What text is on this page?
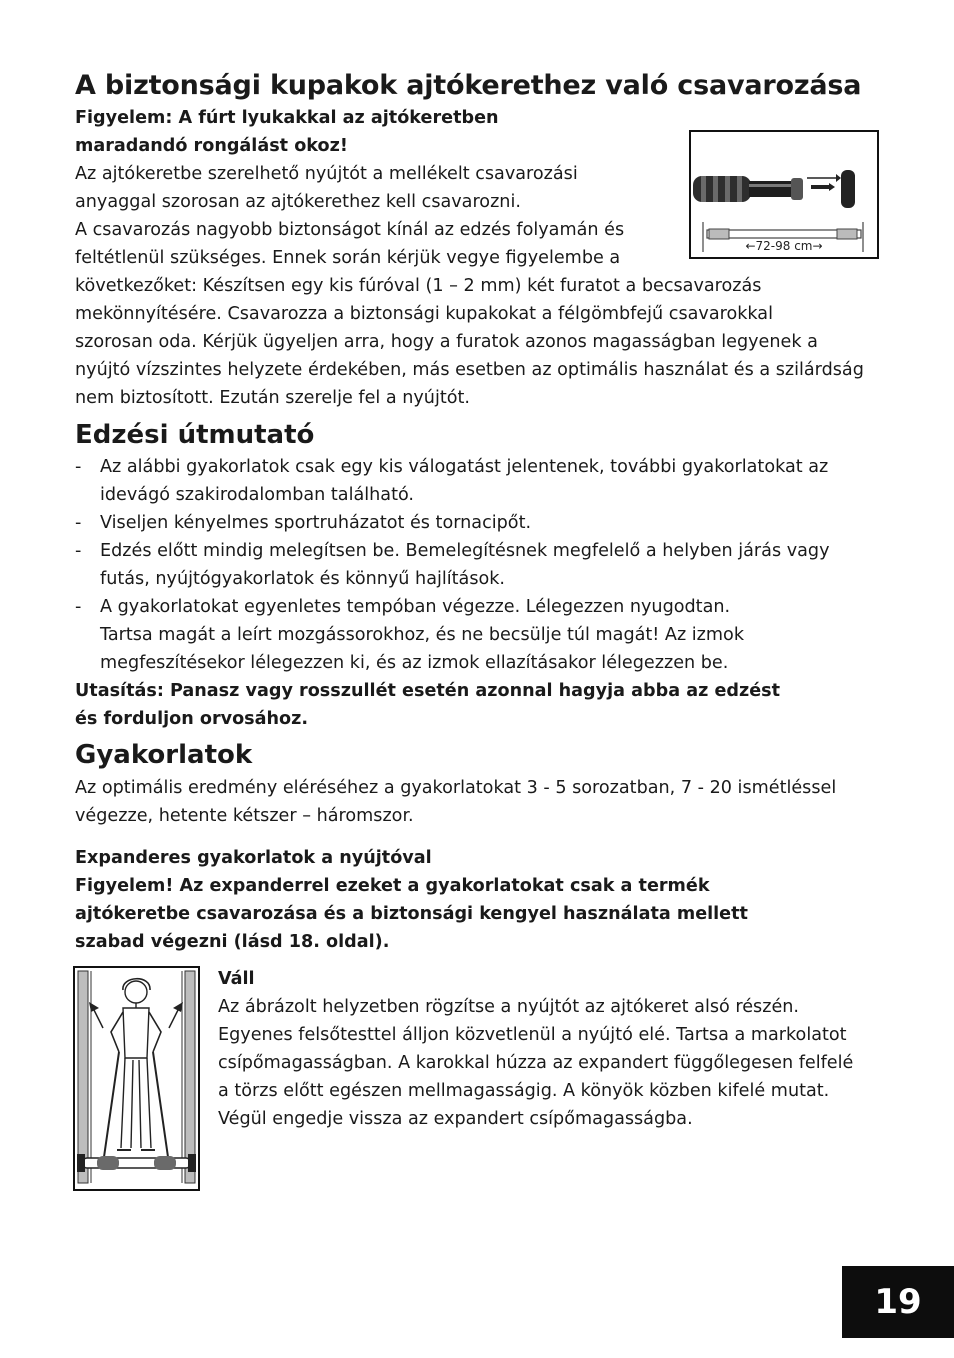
A biztonsági kupakok ajtókerethez való csavarozása
Figyelem: A fúrt lyukakkal az ajtókeretben
maradandó rongálást okoz!
Az ajtókeretbe szerelhető nyújtót a mellékelt csavarozási
anyaggal szorosan az ajtókerethez kell csavarozni.
A csavarozás nagyobb biztonságot kínál az edzés folyamán és
feltétlenül szükséges. Ennek során kérjük vegye figyelembe a
következőket: Készítsen egy kis fúróval (1 – 2 mm) két furatot a becsavarozás
mekönnyítésére. Csavarozza a biztonsági kupakokat a félgömbfejű csavarokkal
szorosan oda. Kérjük ügyeljen arra, hogy a furatok azonos magasságban legyenek a
nyújtó vízszintes helyzete érdekében, más esetben az optimális használat és a szilárdság
nem biztosított. Ezután szerelje fel a nyújtót.
←72-98 cm→
Edzési útmutató
- Az alábbi gyakorlatok csak egy kis válogatást jelentenek, további gyakorlatokat az
idevágó szakirodalomban található.
- Viseljen kényelmes sportruházatot és tornacipőt.
- Edzés előtt mindig melegítsen be. Bemelegítésnek megfelelő a helyben járás vagy
futás, nyújtógyakorlatok és könnyű hajlítások.
- A gyakorlatokat egyenletes tempóban végezze. Lélegezzen nyugodtan.
Tartsa magát a leírt mozgássorokhoz, és ne becsülje túl magát! Az izmok
megfeszítésekor lélegezzen ki, és az izmok ellazításakor lélegezzen be.
Utasítás: Panasz vagy rosszullét esetén azonnal hagyja abba az edzést
és forduljon orvosához.
Gyakorlatok
Az optimális eredmény eléréséhez a gyakorlatokat 3 - 5 sorozatban, 7 - 20 ismétléssel
végezze, hetente kétszer – háromszor.
Expanderes gyakorlatok a nyújtóval
Figyelem! Az expanderrel ezeket a gyakorlatokat csak a termék
ajtókeretbe csavarozása és a biztonsági kengyel használata mellett
szabad végezni (lásd 18. oldal).
Váll
Az ábrázolt helyzetben rögzítse a nyújtót az ajtókeret alsó részén.
Egyenes felsőtesttel álljon közvetlenül a nyújtó elé. Tartsa a markolatot
csípőmagasságban. A karokkal húzza az expandert függőlegesen felfelé
a törzs előtt egészen mellmagasságig. A könyök közben kifelé mutat.
Végül engedje vissza az expandert csípőmagasságba.
19
